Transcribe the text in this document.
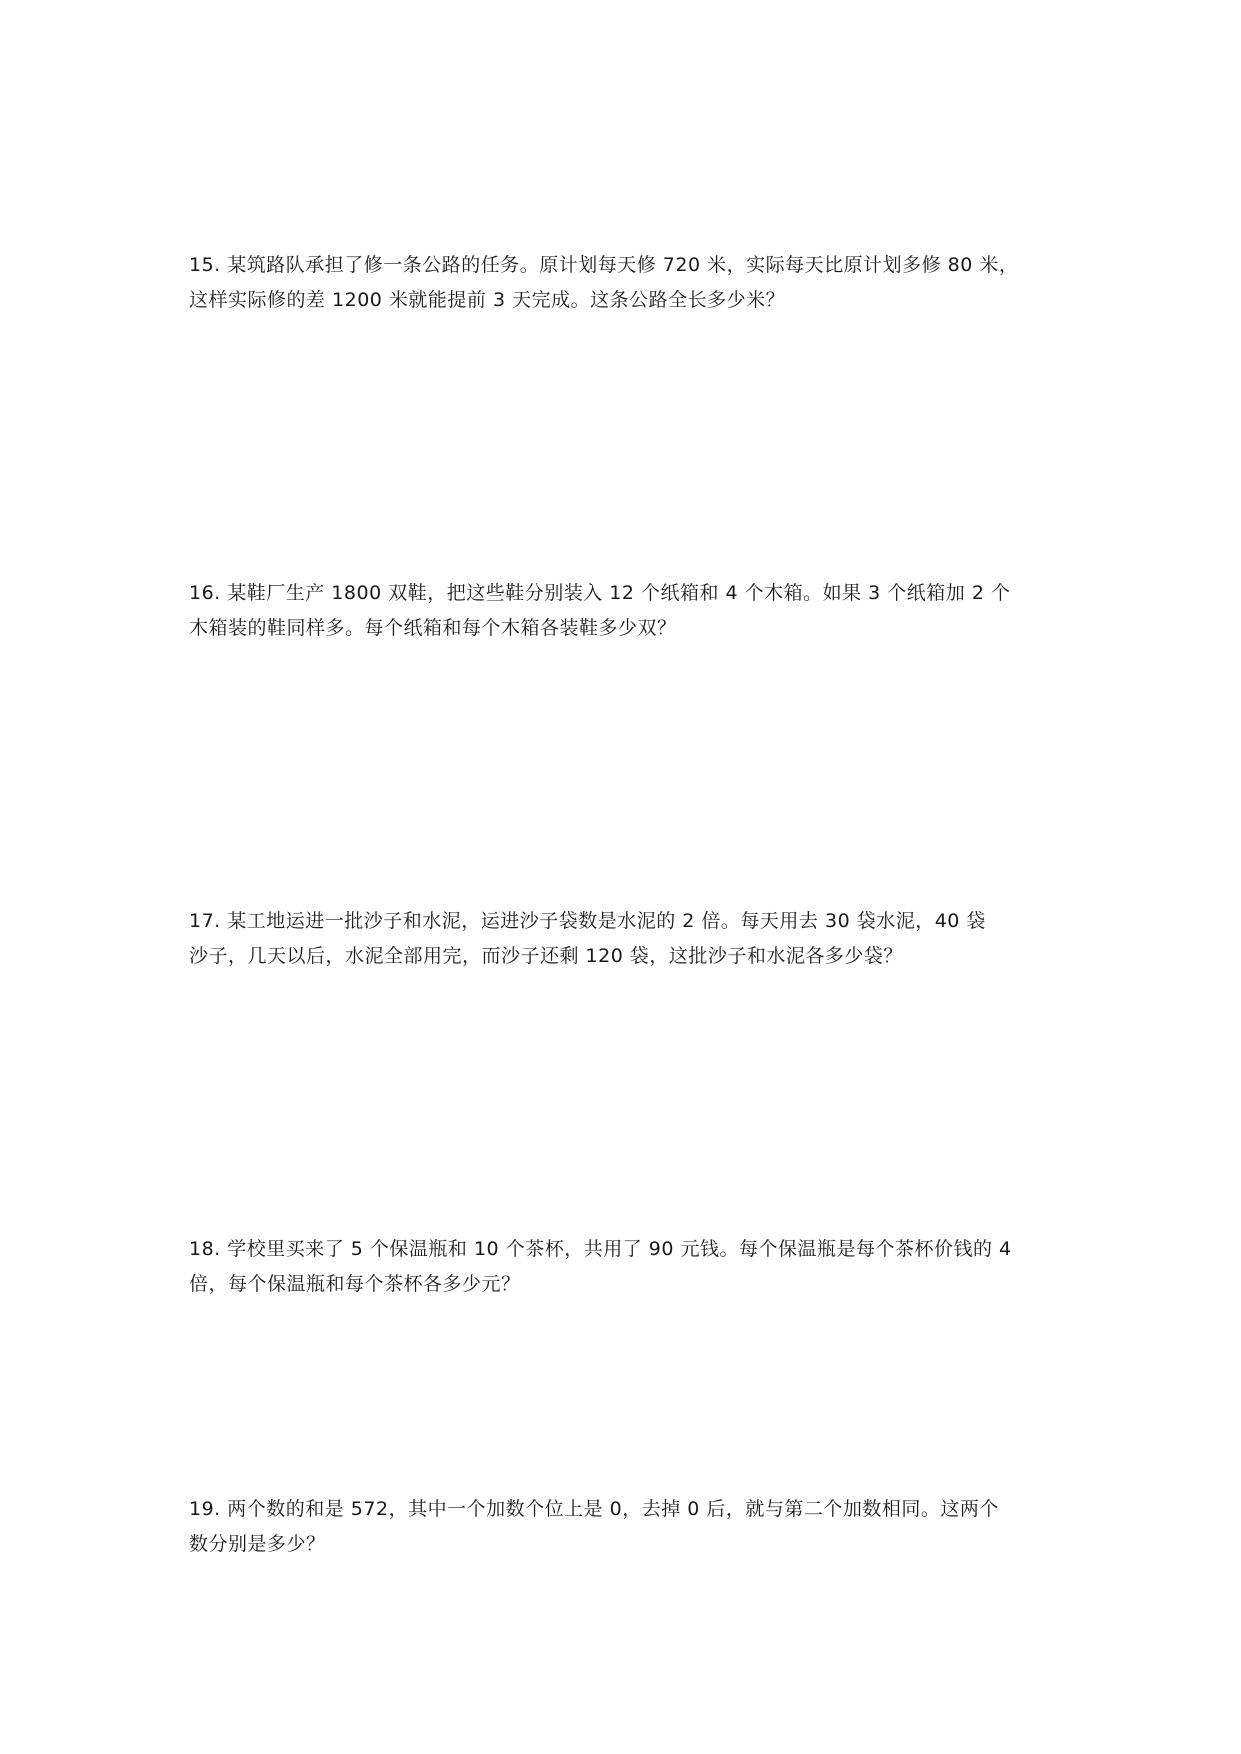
15. 某筑路队承担了修一条公路的任务。原计划每天修 720 米，实际每天比原计划多修 80 米，
这样实际修的差 1200 米就能提前 3 天完成。这条公路全长多少米？
16. 某鞋厂生产 1800 双鞋，把这些鞋分别装入 12 个纸箱和 4 个木箱。如果 3 个纸箱加 2 个
木箱装的鞋同样多。每个纸箱和每个木箱各装鞋多少双？
17. 某工地运进一批沙子和水泥，运进沙子袋数是水泥的 2 倍。每天用去 30 袋水泥，40 袋
沙子，几天以后，水泥全部用完，而沙子还剩 120 袋，这批沙子和水泥各多少袋？
18. 学校里买来了 5 个保温瓶和 10 个茶杯，共用了 90 元钱。每个保温瓶是每个茶杯价钱的 4
倍，每个保温瓶和每个茶杯各多少元？
19. 两个数的和是 572，其中一个加数个位上是 0，去掉 0 后，就与第二个加数相同。这两个
数分别是多少？
